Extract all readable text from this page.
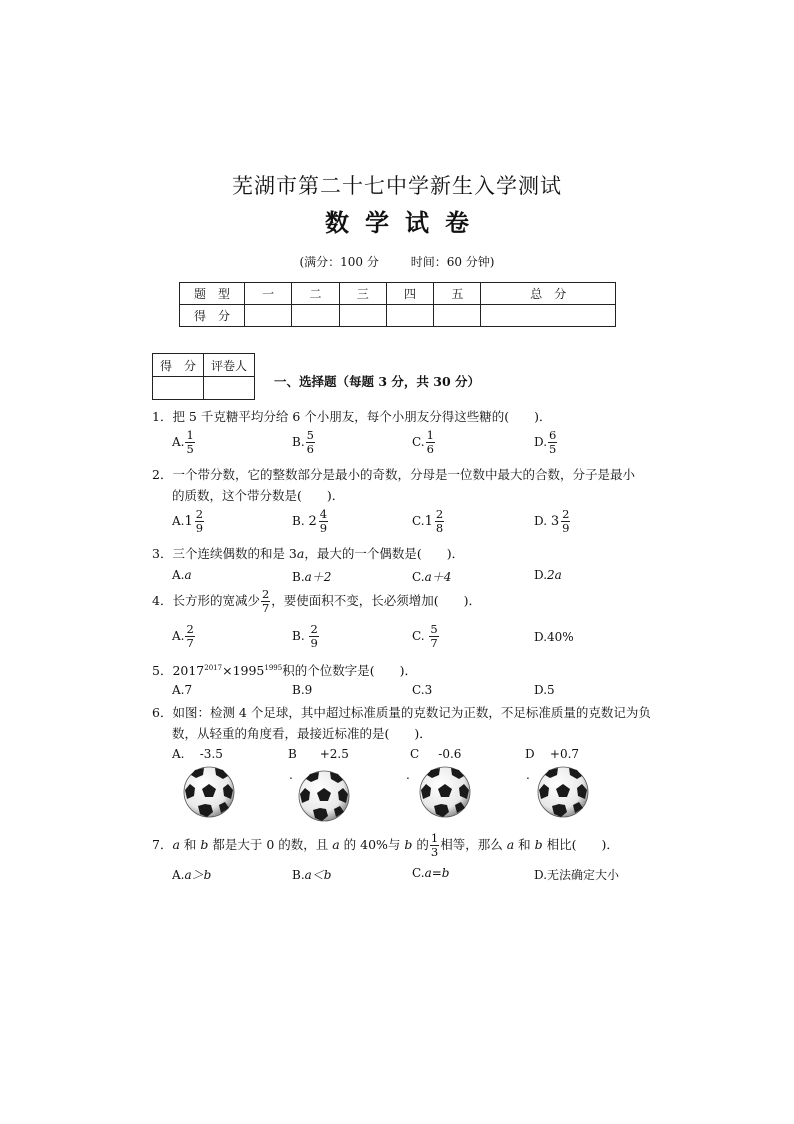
芜湖市第二十七中学新生入学测试
数学试卷
(满分：100 分	时间：60 分钟)
题　型	一	二	三	四	五	总　分
得　分						
得　分	评卷人

一、选择题（每题 3 分，共 30 分）
1．把 5 千克糖平均分给 6 个小朋友，每个小朋友分得这些糖的(　　)．
A. $\frac{1}{5}$	B. $\frac{5}{6}$	C. $\frac{1}{6}$	D. $\frac{6}{5}$
2．一个带分数，它的整数部分是最小的奇数，分母是一位数中最大的合数，分子是最小
的质数，这个带分数是(　　)．
A. $1 \frac{2}{9}$	B. $2 \frac{4}{9}$	C. $1 \frac{2}{8}$	D. $3 \frac{2}{9}$
3．三个连续偶数的和是 3a，最大的一个偶数是(　　)．
A.a	B.a＋2	C.a＋4	D.2a
4．长方形的宽减少 $\frac{2}{7}$ ，要使面积不变，长必须增加(　　)．
A. $\frac{2}{7}$	B. $\frac{2}{9}$	C. $\frac{5}{7}$	D.40%
5．$2017^{2017}\times 1995^{1995}$积的个位数字是(　　)．
A.7	B.9	C.3	D.5
6．如图：检测 4 个足球，其中超过标准质量的克数记为正数，不足标准质量的克数记为负
数，从轻重的角度看，最接近标准的是(　　)．
A. -3.5	B +2.5	C -0.6	D +0.7
.	.	.
7．a 和 b 都是大于 0 的数，且 a 的 40%与 b 的 $\frac{1}{3}$ 相等，那么 a 和 b 相比(　　)．
A.a＞b	B.a＜b	C.a=b	D.无法确定大小
